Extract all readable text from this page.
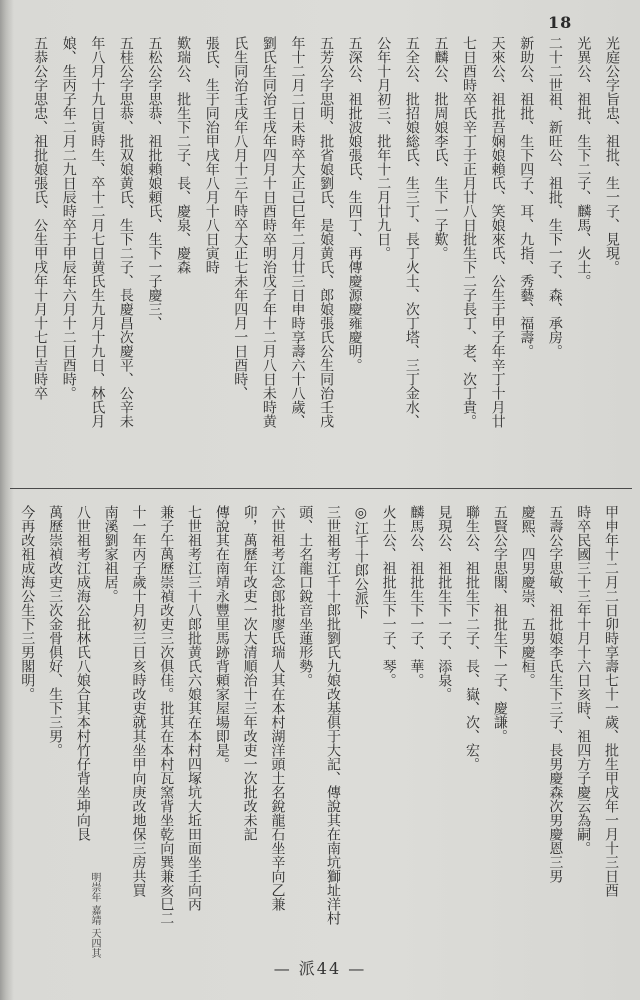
18
光庭公字旨忠、祖批、生一子、見現。
光異公、祖批、生下二子、麟馬、火土。
二十二世祖、新旺公、祖批、生下一子、森、承房。
新助公、祖批、生下四子、耳、九指、秀藝、福壽。
天來公、祖批吾娴娘賴氏、笑娘來氏、公生于甲子年辛丁十月廿
七日酉時卒氏辛丁于正月廿八日批生下二子長丁、老、次丁貴。
五麟公、批周娘李氏、生下一子歎。
五全公、批招娘総氏、生三丁、長丁火土、次丁塔、三丁金水、
公年十月初三、批年十二月廿九日。
五深公、祖批波娘張氏、生四丁、再傳慶源慶雍慶明。
五芳公字思明、批省娘劉氏、是娘黄氏、郎娘張氏公生同治壬戌
年十二月二日未時卒大正己巳年二月廿三日申時享壽六十八歲、
劉氏生同治壬戌年四月十日酉時卒明治戊子年十二月八日未時黄
氏生同治壬戌年八月十三午時卒大正七未年四月一日酉時、
張氏、生于同治甲戌年八月十八日寅時
歎瑞公、批生下二子、長、慶泉、慶森
五松公字思恭、祖批賴娘頼氏、生下一子慶三、
五桂公字思恭、批双娘黄氏、生下二子、長慶昌次慶平、公辛未
年八月十九日寅時生、卒十二月七日黄氏生九月十九日、林氏月
娘、生丙子年二月二九日辰時卒于甲辰年六月十二日酉時。
五恭公字思忠、祖批娘張氏、公生甲戌年十月十七日吉時卒
甲申年十二月二日卯時享壽七十一歲、批生甲戌年一月十三日酉
時卒民國三十三年十月十六日亥時、祖四方子慶云為嗣。
五壽公字思敏、祖批娘李氏生下三子、長男慶森次男慶恩三男
慶熙、四男慶崇、五男慶桓。
五賢公字思閣、祖批生下一子、慶謙。
聯生公、祖批生下二子、長、嶽、次、宏。
見現公、祖批生下一子、添泉。
麟馬公、祖批生下一子、華。
火土公、祖批生下一子、琴。
◎江千十郎公派下
三世祖考江千十郎批劉氏九娘改基俱于大記、傳說其在南坑獅址洋村
頭、土名龍口銳音坐蓮形勢。
六世祖考江念郎批廖氏瑞人其在本村湖洋頭土名銳龍石坐辛向乙兼
卯，萬歷年改吏一次大清順治十三年改吏一次批改未記
傳說其在南靖永豐里馬跡背頼家屋場即是。
七世祖考江三十八郎批黄氏六娘其在本村四塚坑大坵田面坐壬向丙
兼子午萬歷崇禎改吏三次俱佳。批其在本村瓦窯背坐乾向巽兼亥巳二
十一年丙子歲十月初三日亥時改吏就其坐甲向庚改地保三房共買
南溪劉家祖居。
八世祖考江成海公批林氏八娘合其本村竹仔背坐坤向艮
萬歷崇禎改吏三次金骨俱好、生下三男。
今再改祖成海公生下三男閣明。
明崇年 嘉靖 天四其
— 派44 —
